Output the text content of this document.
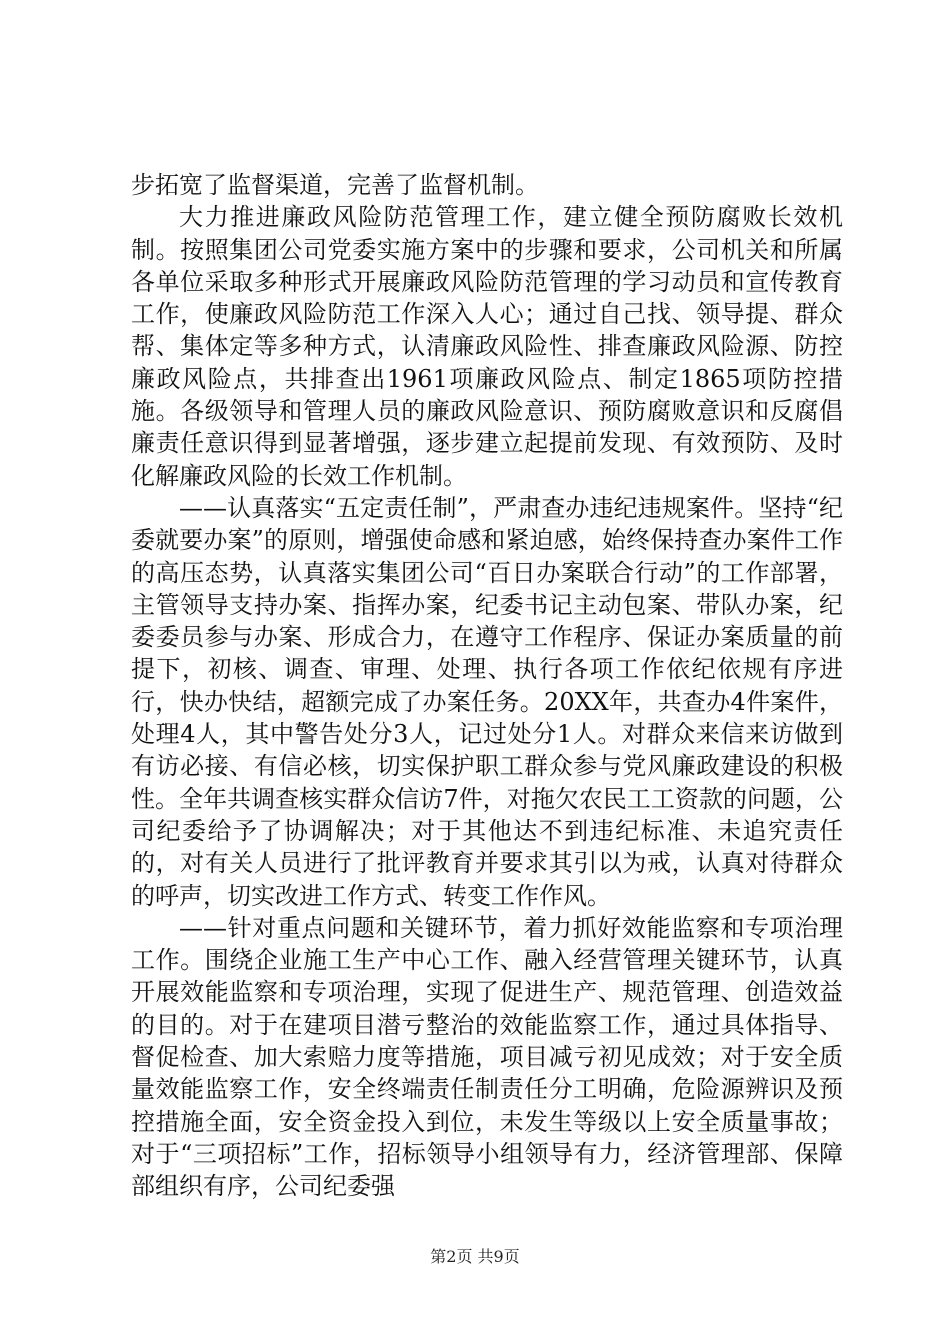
步拓宽了监督渠道，完善了监督机制。

大力推进廉政风险防范管理工作，建立健全预防腐败长效机制。按照集团公司党委实施方案中的步骤和要求，公司机关和所属各单位采取多种形式开展廉政风险防范管理的学习动员和宣传教育工作，使廉政风险防范工作深入人心；通过自己找、领导提、群众帮、集体定等多种方式，认清廉政风险性、排查廉政风险源、防控廉政风险点，共排查出1961项廉政风险点、制定1865项防控措施。各级领导和管理人员的廉政风险意识、预防腐败意识和反腐倡廉责任意识得到显著增强，逐步建立起提前发现、有效预防、及时化解廉政风险的长效工作机制。

——认真落实“五定责任制”，严肃查办违纪违规案件。坚持“纪委就要办案”的原则，增强使命感和紧迫感，始终保持查办案件工作的高压态势，认真落实集团公司“百日办案联合行动”的工作部署，主管领导支持办案、指挥办案，纪委书记主动包案、带队办案，纪委委员参与办案、形成合力，在遵守工作程序、保证办案质量的前提下，初核、调查、审理、处理、执行各项工作依纪依规有序进行，快办快结，超额完成了办案任务。20XX年，共查办4件案件，处理4人，其中警告处分3人，记过处分1人。对群众来信来访做到有访必接、有信必核，切实保护职工群众参与党风廉政建设的积极性。全年共调查核实群众信访7件，对拖欠农民工工资款的问题，公司纪委给予了协调解决；对于其他达不到违纪标准、未追究责任的，对有关人员进行了批评教育并要求其引以为戒，认真对待群众的呼声，切实改进工作方式、转变工作作风。

——针对重点问题和关键环节，着力抓好效能监察和专项治理工作。围绕企业施工生产中心工作、融入经营管理关键环节，认真开展效能监察和专项治理，实现了促进生产、规范管理、创造效益的目的。对于在建项目潜亏整治的效能监察工作，通过具体指导、督促检查、加大索赔力度等措施，项目减亏初见成效；对于安全质量效能监察工作，安全终端责任制责任分工明确，危险源辨识及预控措施全面，安全资金投入到位，未发生等级以上安全质量事故；对于“三项招标”工作，招标领导小组领导有力，经济管理部、保障部组织有序，公司纪委强

第2页 共9页
